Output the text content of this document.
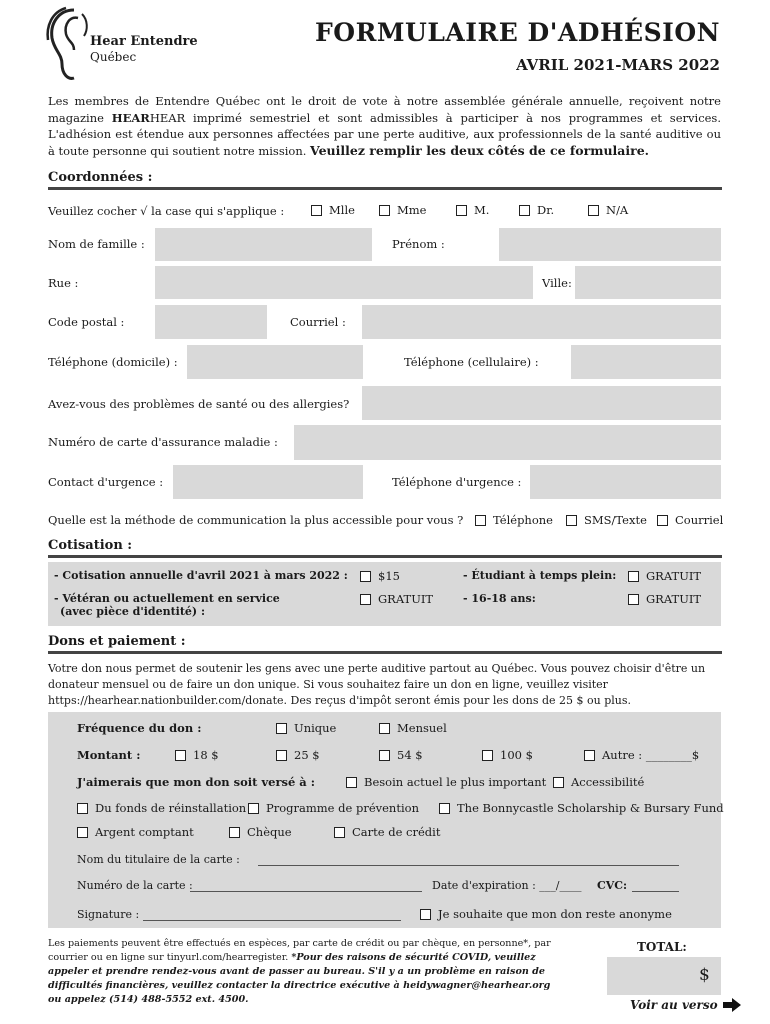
Hear Entendre
Québec
FORMULAIRE D'ADHÉSION
AVRIL 2021-MARS 2022
Les membres de Entendre Québec ont le droit de vote à notre assemblée générale annuelle, reçoivent notre magazine HEARHEAR imprimé semestriel et sont admissibles à participer à nos programmes et services. L'adhésion est étendue aux personnes affectées par une perte auditive, aux professionnels de la santé auditive ou à toute personne qui soutient notre mission. Veuillez remplir les deux côtés de ce formulaire.
Coordonnées :
Veuillez cocher √ la case qui s'applique :	Mlle	Mme	M.	Dr.	N/A
Nom de famille :	Prénom :
Rue :	Ville:
Code postal :	Courriel :
Téléphone (domicile) :	Téléphone (cellulaire) :
Avez-vous des problèmes de santé ou des allergies?
Numéro de carte d'assurance maladie :
Contact d'urgence :	Téléphone d'urgence :
Quelle est la méthode de communication la plus accessible pour vous ?	Téléphone	SMS/Texte Courriel
Cotisation :
- Cotisation annuelle d'avril 2021 à mars 2022 :	$15	- Étudiant à temps plein:	GRATUIT
- Vétéran ou actuellement en service
(avec pièce d'identité) :
GRATUIT	- 16-18 ans:	GRATUIT
Dons et paiement :
Votre don nous permet de soutenir les gens avec une perte auditive partout au Québec. Vous pouvez choisir d'être un donateur mensuel ou de faire un don unique. Si vous souhaitez faire un don en ligne, veuillez visiter https://hearhear.nationbuilder.com/donate. Des reçus d'impôt seront émis pour les dons de 25 $ ou plus.
Fréquence du don :	Unique	Mensuel
Montant :	18 $	25 $	54 $	100 $	Autre : ________$
J'aimerais que mon don soit versé à :	Besoin actuel le plus important Accessibilité
Du fonds de réinstallation Programme de prévention	The Bonnycastle Scholarship & Bursary Fund
Argent comptant	Chèque	Carte de crédit
Nom du titulaire de la carte :
Numéro de la carte :	Date d'expiration : ___/____ CVC:
Signature :	Je souhaite que mon don reste anonyme
Les paiements peuvent être effectués en espèces, par carte de crédit ou par chèque, en personne*, par courrier ou en ligne sur tinyurl.com/hearregister. *Pour des raisons de sécurité COVID, veuillez appeler et prendre rendez-vous avant de passer au bureau. S'il y a un problème en raison de difficultés financières, veuillez contacter la directrice exécutive à heidywagner@hearhear.org ou appelez (514) 488-5552 ext. 4500.
TOTAL:
$
Voir au verso
